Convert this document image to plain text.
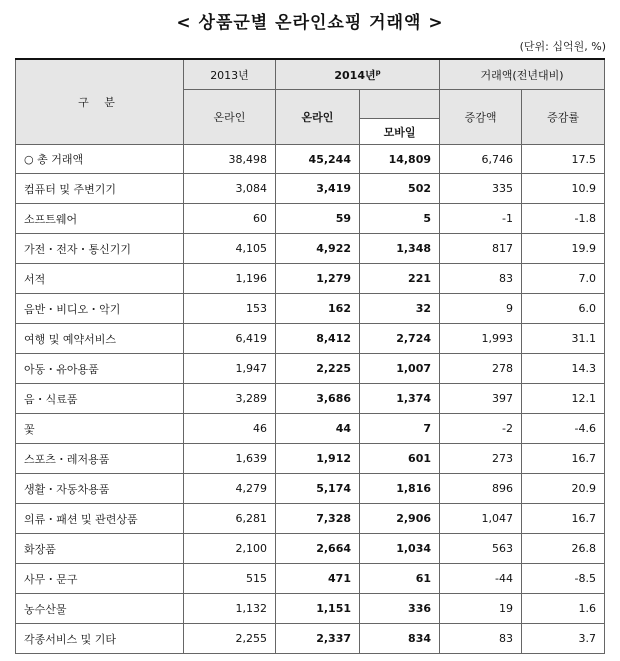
< 상품군별 온라인쇼핑 거래액 >
(단위: 십억원, %)
구 분	2013년	2014년$^p$		거래액(전년대비)	
	온라인	온라인		증감액	증감률
			모바일		
○ 총 거래액	38,498	45,244	14,809	6,746	17.5
컴퓨터 및 주변기기	3,084	3,419	502	335	10.9
소프트웨어	60	59	5	-1	-1.8
가전・전자・통신기기	4,105	4,922	1,348	817	19.9
서적	1,196	1,279	221	83	7.0
음반・비디오・악기	153	162	32	9	6.0
여행 및 예약서비스	6,419	8,412	2,724	1,993	31.1
아동・유아용품	1,947	2,225	1,007	278	14.3
음・식료품	3,289	3,686	1,374	397	12.1
꽃	46	44	7	-2	-4.6
스포츠・레저용품	1,639	1,912	601	273	16.7
생활・자동차용품	4,279	5,174	1,816	896	20.9
의류・패션 및 관련상품	6,281	7,328	2,906	1,047	16.7
화장품	2,100	2,664	1,034	563	26.8
사무・문구	515	471	61	-44	-8.5
농수산물	1,132	1,151	336	19	1.6
각종서비스 및 기타	2,255	2,337	834	83	3.7
